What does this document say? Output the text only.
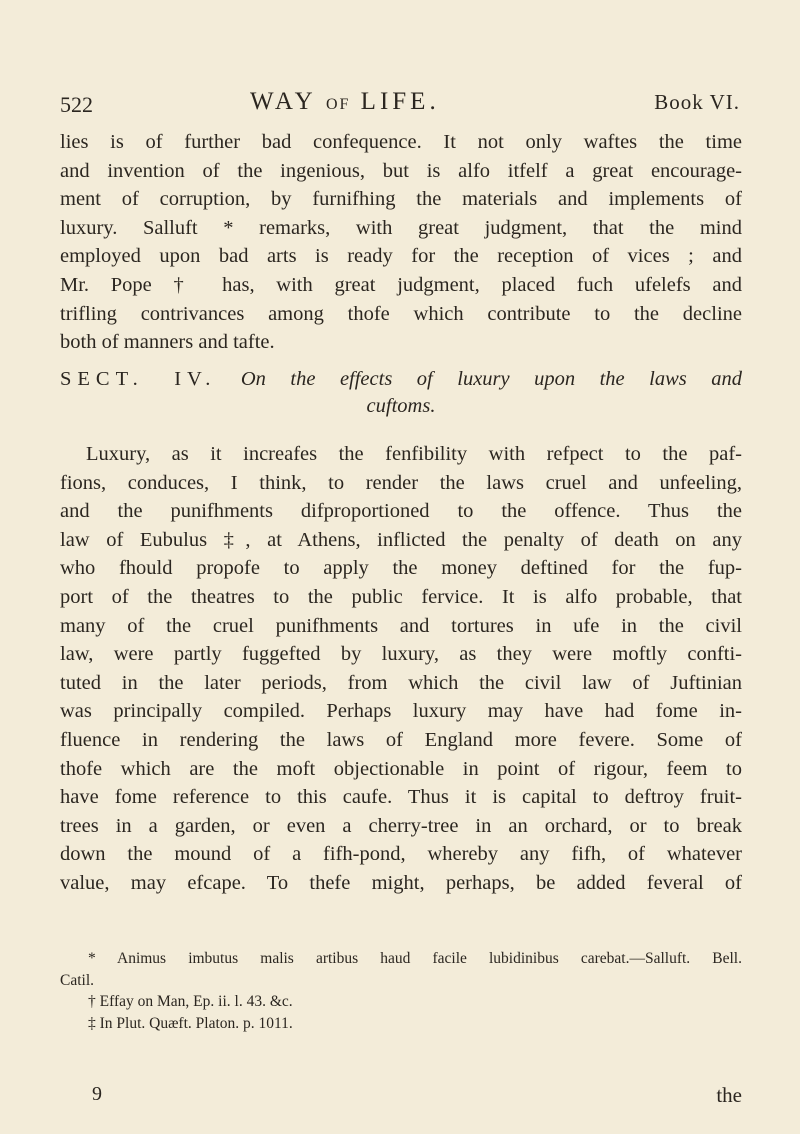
522	WAY OF LIFE.	Book VI.
lies is of further bad confequence. It not only waftes the time
and invention of the ingenious, but is alfo itfelf a great encourage-
ment of corruption, by furnifhing the materials and implements of
luxury. Salluft * remarks, with great judgment, that the mind
employed upon bad arts is ready for the reception of vices ; and
Mr. Pope † has, with great judgment, placed fuch ufelefs and
trifling contrivances among thofe which contribute to the decline
both of manners and tafte.
SECT. IV. On the effects of luxury upon the laws and
cuftoms.
Luxury, as it increafes the fenfibility with refpect to the paf-
fions, conduces, I think, to render the laws cruel and unfeeling,
and the punifhments difproportioned to the offence. Thus the
law of Eubulus ‡, at Athens, inflicted the penalty of death on any
who fhould propofe to apply the money deftined for the fup-
port of the theatres to the public fervice. It is alfo probable, that
many of the cruel punifhments and tortures in ufe in the civil
law, were partly fuggefted by luxury, as they were moftly confti-
tuted in the later periods, from which the civil law of Juftinian
was principally compiled. Perhaps luxury may have had fome in-
fluence in rendering the laws of England more fevere. Some of
thofe which are the moft objectionable in point of rigour, feem to
have fome reference to this caufe. Thus it is capital to deftroy fruit-
trees in a garden, or even a cherry-tree in an orchard, or to break
down the mound of a fifh-pond, whereby any fifh, of whatever
value, may efcape. To thefe might, perhaps, be added feveral of
* Animus imbutus malis artibus haud facile lubidinibus carebat.—Salluft. Bell.
Catil.
† Effay on Man, Ep. ii. l. 43. &c.
‡ In Plut. Quæft. Platon. p. 1011.
9	the
